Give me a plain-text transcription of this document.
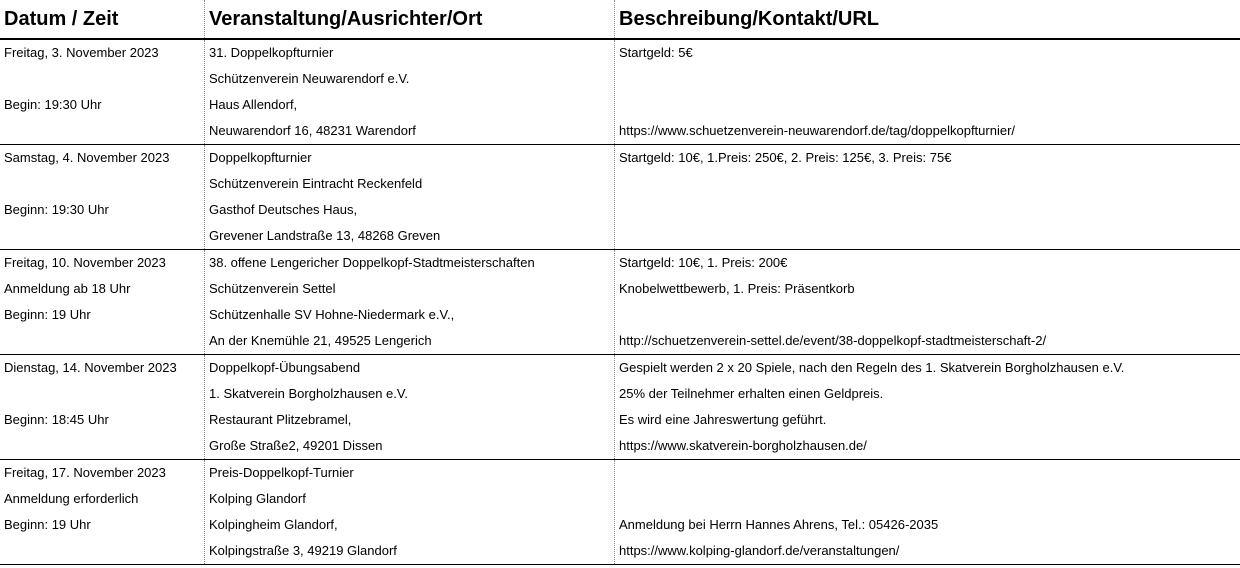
Datum / Zeit	Veranstaltung/Ausrichter/Ort	Beschreibung/Kontakt/URL
Freitag, 3. November 2023
Begin: 19:30 Uhr
31. Doppelkopfturnier
Schützenverein Neuwarendorf e.V.
Haus Allendorf,
Neuwarendorf 16, 48231 Warendorf
Startgeld: 5€
https://www.schuetzenverein-neuwarendorf.de/tag/doppelkopfturnier/
Samstag, 4. November 2023
Beginn: 19:30 Uhr
Doppelkopfturnier
Schützenverein Eintracht Reckenfeld
Gasthof Deutsches Haus,
Grevener Landstraße 13, 48268 Greven
Startgeld: 10€, 1.Preis: 250€, 2. Preis: 125€, 3. Preis: 75€
Freitag, 10. November 2023
Anmeldung ab 18 Uhr
Beginn: 19 Uhr
38. offene Lengericher Doppelkopf-Stadtmeisterschaften
Schützenverein Settel
Schützenhalle SV Hohne-Niedermark e.V.,
An der Knemühle 21, 49525 Lengerich
Startgeld: 10€, 1. Preis: 200€
Knobelwettbewerb, 1. Preis: Präsentkorb
http://schuetzenverein-settel.de/event/38-doppelkopf-stadtmeisterschaft-2/
Dienstag, 14. November 2023
Beginn: 18:45 Uhr
Doppelkopf-Übungsabend
1. Skatverein Borgholzhausen e.V.
Restaurant Plitzebramel,
Große Straße2, 49201 Dissen
Gespielt werden 2 x 20 Spiele, nach den Regeln des 1. Skatverein Borgholzhausen e.V.
25% der Teilnehmer erhalten einen Geldpreis.
Es wird eine Jahreswertung geführt.
https://www.skatverein-borgholzhausen.de/
Freitag, 17. November 2023
Anmeldung erforderlich
Beginn: 19 Uhr
Preis-Doppelkopf-Turnier
Kolping Glandorf
Kolpingheim Glandorf,
Kolpingstraße 3, 49219 Glandorf
Anmeldung bei Herrn Hannes Ahrens, Tel.: 05426-2035
https://www.kolping-glandorf.de/veranstaltungen/
